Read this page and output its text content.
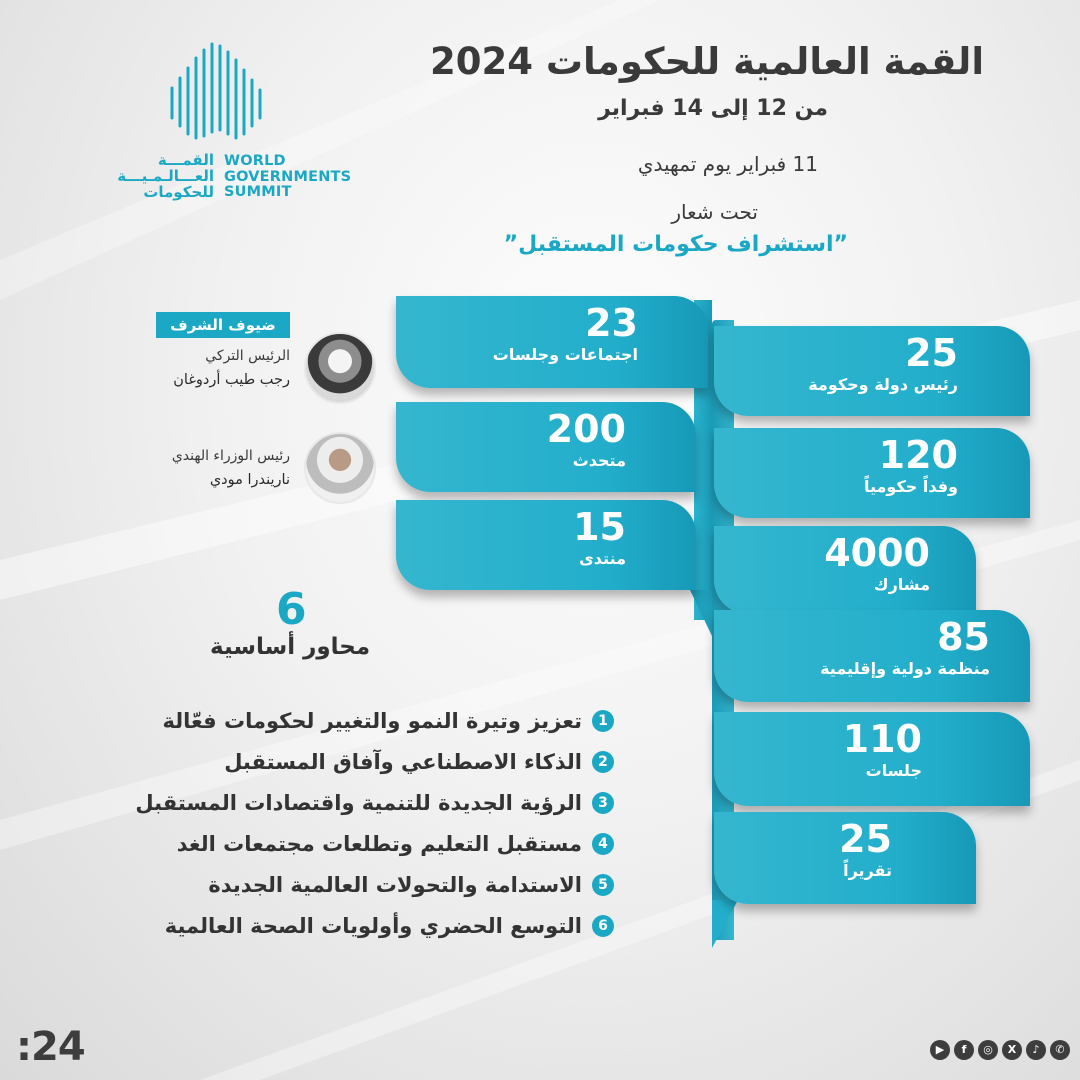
القمـــة
العـــالـمـيـــة
للحكومات
WORLD
GOVERNMENTS
SUMMIT
القمة العالمية للحكومات 2024
من 12 إلى 14 فبراير
11 فبراير يوم تمهيدي
تحت شعار
”استشراف حكومات المستقبل”
23
اجتماعات وجلسات
200
متحدث
15
منتدى
25
رئيس دولة وحكومة
120
وفداً حكومياً
4000
مشارك
85
منظمة دولية وإقليمية
110
جلسات
25
تقريراً
ضيوف الشرف
الرئيس التركي
رجب طيب أردوغان
رئيس الوزراء الهندي
ناريندرا مودي
6
محاور أساسية
1
تعزيز وتيرة النمو والتغيير لحكومات فعّالة
2
الذكاء الاصطناعي وآفاق المستقبل
3
الرؤية الجديدة للتنمية واقتصادات المستقبل
4
مستقبل التعليم وتطلعات مجتمعات الغد
5
الاستدامة والتحولات العالمية الجديدة
6
التوسع الحضري وأولويات الصحة العالمية
:24	▶	f	◎	X	♪	✆
